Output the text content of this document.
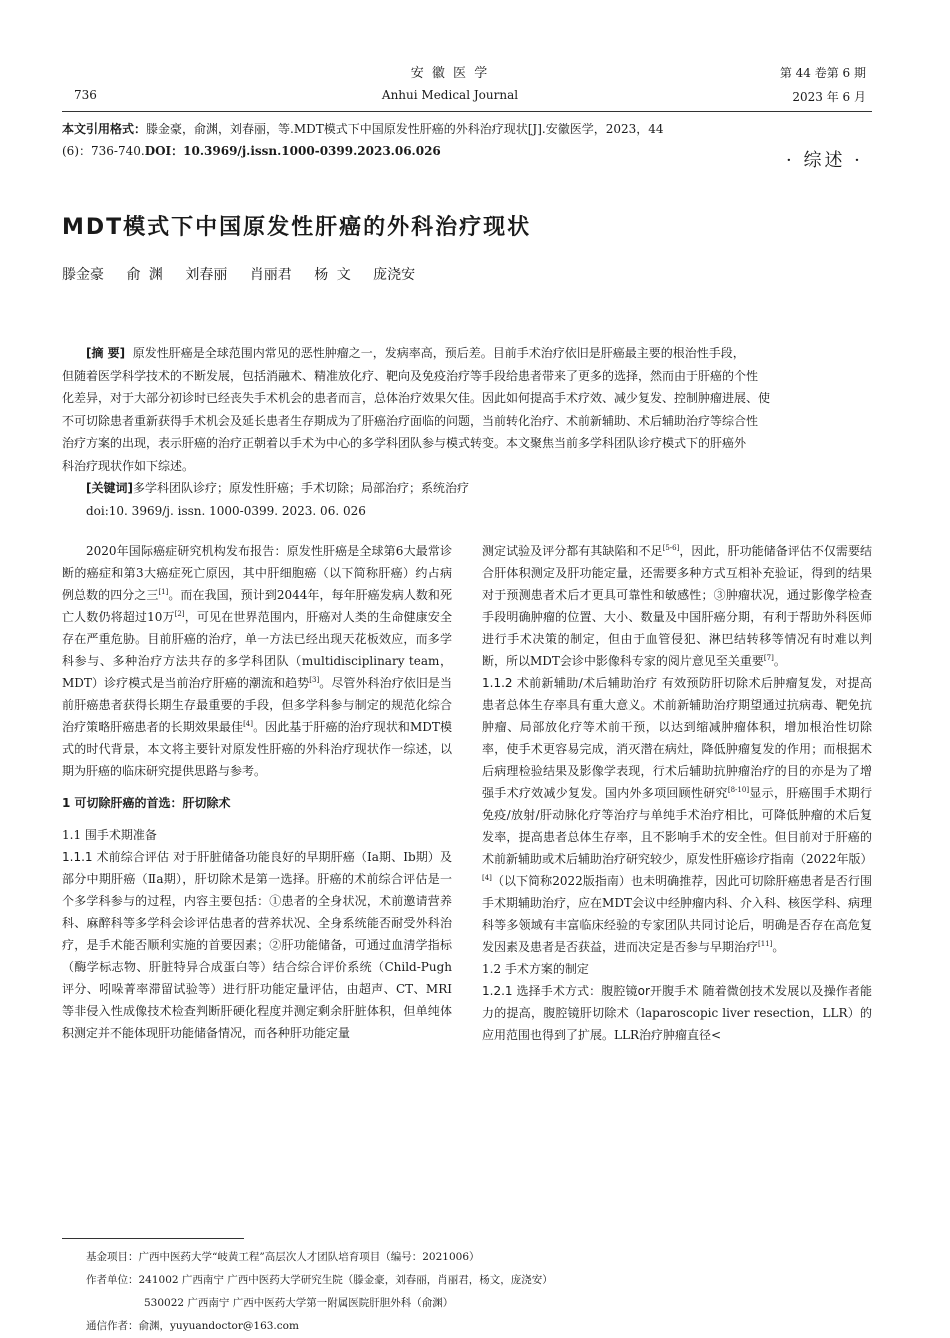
736
安 徽 医 学
Anhui Medical Journal
第 44 卷第 6 期
2023 年 6 月
本文引用格式：滕金豪，俞渊，刘春丽，等.MDT模式下中国原发性肝癌的外科治疗现状[J].安徽医学，2023，44
(6)：736-740.DOI：10.3969/j.issn.1000-0399.2023.06.026	· 综述 ·
MDT模式下中国原发性肝癌的外科治疗现状
滕金豪  俞 渊  刘春丽  肖丽君  杨 文  庞浇安
[摘 要] 原发性肝癌是全球范围内常见的恶性肿瘤之一，发病率高，预后差。目前手术治疗依旧是肝癌最主要的根治性手段，
但随着医学科学技术的不断发展，包括消融术、精准放化疗、靶向及免疫治疗等手段给患者带来了更多的选择，然而由于肝癌的个性
化差异，对于大部分初诊时已经丧失手术机会的患者而言，总体治疗效果欠佳。因此如何提高手术疗效、减少复发、控制肿瘤进展、使
不可切除患者重新获得手术机会及延长患者生存期成为了肝癌治疗面临的问题，当前转化治疗、术前新辅助、术后辅助治疗等综合性
治疗方案的出现，表示肝癌的治疗正朝着以手术为中心的多学科团队参与模式转变。本文聚焦当前多学科团队诊疗模式下的肝癌外
科治疗现状作如下综述。
[关键词]多学科团队诊疗；原发性肝癌；手术切除；局部治疗；系统治疗
doi:10. 3969/j. issn. 1000-0399. 2023. 06. 026

2020年国际癌症研究机构发布报告：原发性肝癌是全球第6大最常诊断的癌症和第3大癌症死亡原因，其中肝细胞癌（以下简称肝癌）约占病例总数的四分之三[1]。而在我国，预计到2044年，每年肝癌发病人数和死亡人数仍将超过10万[2]，可见在世界范围内，肝癌对人类的生命健康安全存在严重危胁。目前肝癌的治疗，单一方法已经出现天花板效应，而多学科参与、多种治疗方法共存的多学科团队（multidisciplinary team，MDT）诊疗模式是当前治疗肝癌的潮流和趋势[3]。尽管外科治疗依旧是当前肝癌患者获得长期生存最重要的手段，但多学科参与制定的规范化综合治疗策略肝癌患者的长期效果最佳[4]。因此基于肝癌的治疗现状和MDT模式的时代背景，本文将主要针对原发性肝癌的外科治疗现状作一综述，以期为肝癌的临床研究提供思路与参考。

1 可切除肝癌的首选：肝切除术

1.1 围手术期准备

1.1.1 术前综合评估 对于肝脏储备功能良好的早期肝癌（Ia期、Ib期）及部分中期肝癌（Ⅱa期），肝切除术是第一选择。肝癌的术前综合评估是一个多学科参与的过程，内容主要包括：①患者的全身状况，术前邀请营养科、麻醉科等多学科会诊评估患者的营养状况、全身系统能否耐受外科治疗，是手术能否顺利实施的首要因素；②肝功能储备，可通过血清学指标（酶学标志物、肝脏特异合成蛋白等）结合综合评价系统（Child-Pugh评分、吲哚菁率滞留试验等）进行肝功能定量评估，由超声、CT、MRI等非侵入性成像技术检查判断肝硬化程度并测定剩余肝脏体积，但单纯体积测定并不能体现肝功能储备情况，而各种肝功能定量

测定试验及评分都有其缺陷和不足[5-6]，因此，肝功能储备评估不仅需要结合肝体积测定及肝功能定量，还需要多种方式互相补充验证，得到的结果对于预测患者术后才更具可靠性和敏感性；③肿瘤状况，通过影像学检查手段明确肿瘤的位置、大小、数量及中国肝癌分期，有利于帮助外科医师进行手术决策的制定，但由于血管侵犯、淋巴结转移等情况有时难以判断，所以MDT会诊中影像科专家的阅片意见至关重要[7]。

1.1.2 术前新辅助/术后辅助治疗 有效预防肝切除术后肿瘤复发，对提高患者总体生存率具有重大意义。术前新辅助治疗期望通过抗病毒、靶免抗肿瘤、局部放化疗等术前干预，以达到缩减肿瘤体积，增加根治性切除率，使手术更容易完成，消灭潜在病灶，降低肿瘤复发的作用；而根据术后病理检验结果及影像学表现，行术后辅助抗肿瘤治疗的目的亦是为了增强手术疗效减少复发。国内外多项回顾性研究[8-10]显示，肝癌围手术期行免疫/放射/肝动脉化疗等治疗与单纯手术治疗相比，可降低肿瘤的术后复发率，提高患者总体生存率，且不影响手术的安全性。但目前对于肝癌的术前新辅助或术后辅助治疗研究较少，原发性肝癌诊疗指南（2022年版）[4]（以下简称2022版指南）也未明确推荐，因此可切除肝癌患者是否行围手术期辅助治疗，应在MDT会议中经肿瘤内科、介入科、核医学科、病理科等多领域有丰富临床经验的专家团队共同讨论后，明确是否存在高危复发因素及患者是否获益，进而决定是否参与早期治疗[11]。

1.2 手术方案的制定

1.2.1 选择手术方式：腹腔镜or开腹手术 随着微创技术发展以及操作者能力的提高，腹腔镜肝切除术（laparoscopic liver resection，LLR）的应用范围也得到了扩展。LLR治疗肿瘤直径<

基金项目：广西中医药大学“岐黄工程”高层次人才团队培育项目（编号：2021006）
作者单位：241002 广西南宁 广西中医药大学研究生院（滕金豪，刘春丽，肖丽君，杨文，庞浇安）
530022 广西南宁 广西中医药大学第一附属医院肝胆外科（俞渊）
通信作者：俞渊，yuyuandoctor@163.com
